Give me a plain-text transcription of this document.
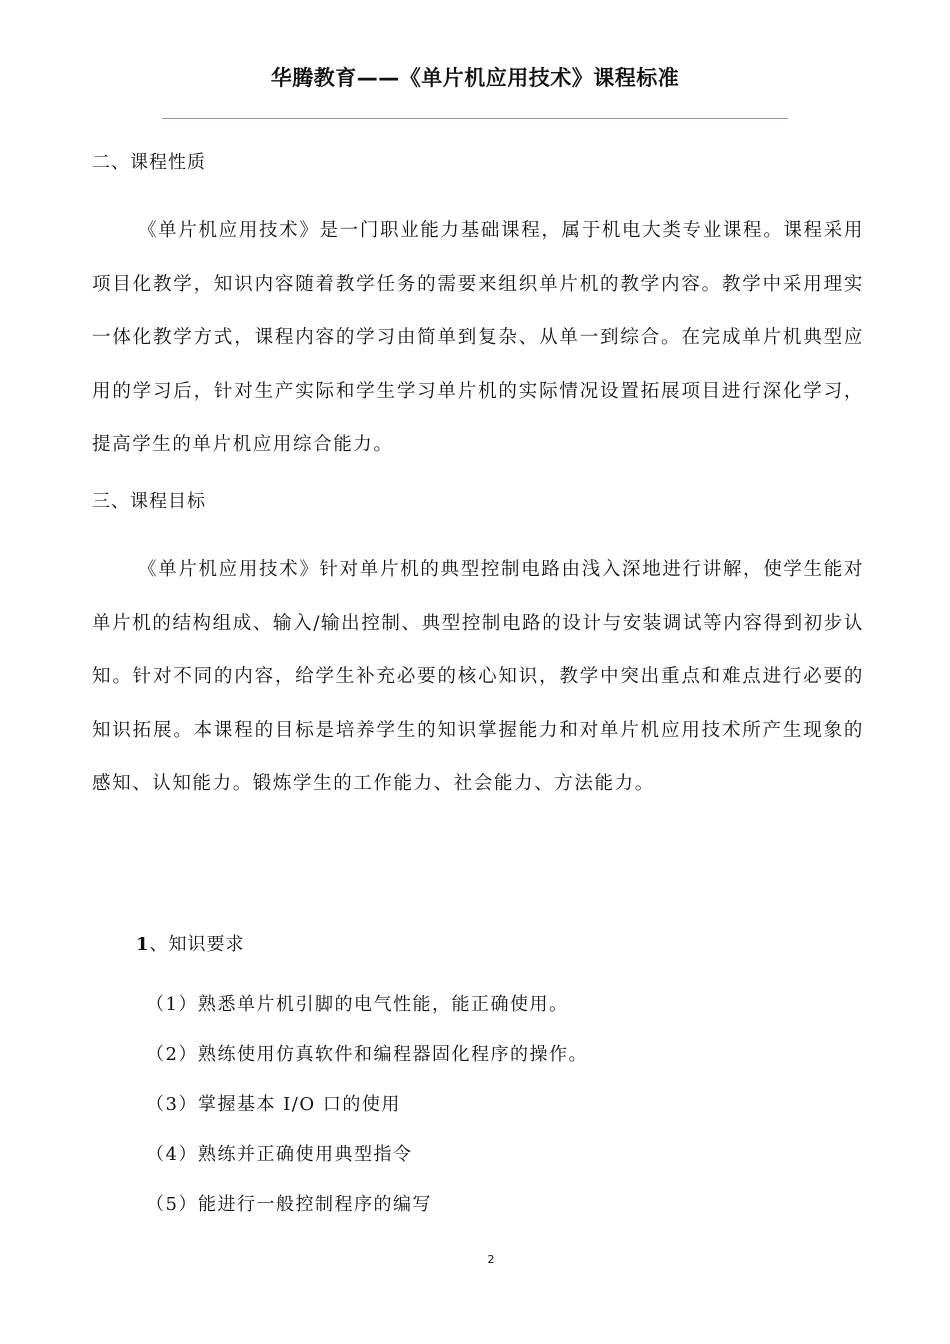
华腾教育——《单片机应用技术》课程标准
二、课程性质

《单片机应用技术》是一门职业能力基础课程，属于机电大类专业课程。课程采用项目化教学，知识内容随着教学任务的需要来组织单片机的教学内容。教学中采用理实一体化教学方式，课程内容的学习由简单到复杂、从单一到综合。在完成单片机典型应用的学习后，针对生产实际和学生学习单片机的实际情况设置拓展项目进行深化学习，提高学生的单片机应用综合能力。

三、课程目标

《单片机应用技术》针对单片机的典型控制电路由浅入深地进行讲解，使学生能对单片机的结构组成、输入/输出控制、典型控制电路的设计与安装调试等内容得到初步认知。针对不同的内容，给学生补充必要的核心知识，教学中突出重点和难点进行必要的知识拓展。本课程的目标是培养学生的知识掌握能力和对单片机应用技术所产生现象的感知、认知能力。锻炼学生的工作能力、社会能力、方法能力。

1、知识要求
（1）熟悉单片机引脚的电气性能，能正确使用。
（2）熟练使用仿真软件和编程器固化程序的操作。
（3）掌握基本 I/O 口的使用
（4）熟练并正确使用典型指令
（5）能进行一般控制程序的编写
2
